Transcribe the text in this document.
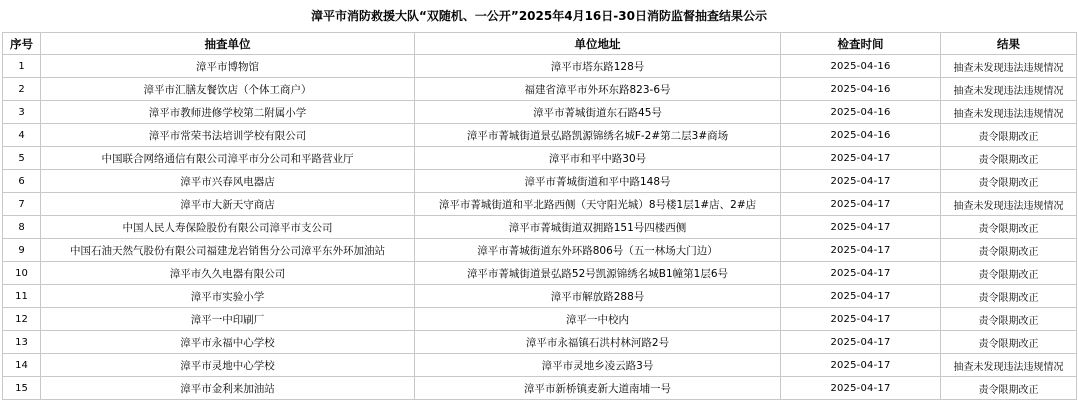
漳平市消防救援大队“双随机、一公开”2025年4月16日-30日消防监督抽查结果公示
序号	抽查单位	单位地址	检查时间	结果
1	漳平市博物馆	漳平市塔东路128号	2025-04-16	抽查未发现违法违规情况
2	漳平市汇膳友餐饮店（个体工商户）	福建省漳平市外环东路823-6号	2025-04-16	抽查未发现违法违规情况
3	漳平市教师进修学校第二附属小学	漳平市菁城街道东石路45号	2025-04-16	抽查未发现违法违规情况
4	漳平市常荣书法培训学校有限公司	漳平市菁城街道景弘路凯源锦绣名城F-2#第二层3#商场	2025-04-16	责令限期改正
5	中国联合网络通信有限公司漳平市分公司和平路营业厅	漳平市和平中路30号	2025-04-17	责令限期改正
6	漳平市兴春风电器店	漳平市菁城街道和平中路148号	2025-04-17	责令限期改正
7	漳平市大新天守商店	漳平市菁城街道和平北路西侧（天守阳光城）8号楼1层1#店、2#店	2025-04-17	抽查未发现违法违规情况
8	中国人民人寿保险股份有限公司漳平市支公司	漳平市菁城街道双拥路151号四楼西侧	2025-04-17	责令限期改正
9	中国石油天然气股份有限公司福建龙岩销售分公司漳平东外环加油站	漳平市菁城街道东外环路806号（五一林场大门边）	2025-04-17	责令限期改正
10	漳平市久久电器有限公司	漳平市菁城街道景弘路52号凯源锦绣名城B1幢第1层6号	2025-04-17	责令限期改正
11	漳平市实验小学	漳平市解放路288号	2025-04-17	责令限期改正
12	漳平一中印刷厂	漳平一中校内	2025-04-17	责令限期改正
13	漳平市永福中心学校	漳平市永福镇石洪村林河路2号	2025-04-17	责令限期改正
14	漳平市灵地中心学校	漳平市灵地乡凌云路3号	2025-04-17	抽查未发现违法违规情况
15	漳平市金利来加油站	漳平市新桥镇麦新大道南埔一号	2025-04-17	责令限期改正
